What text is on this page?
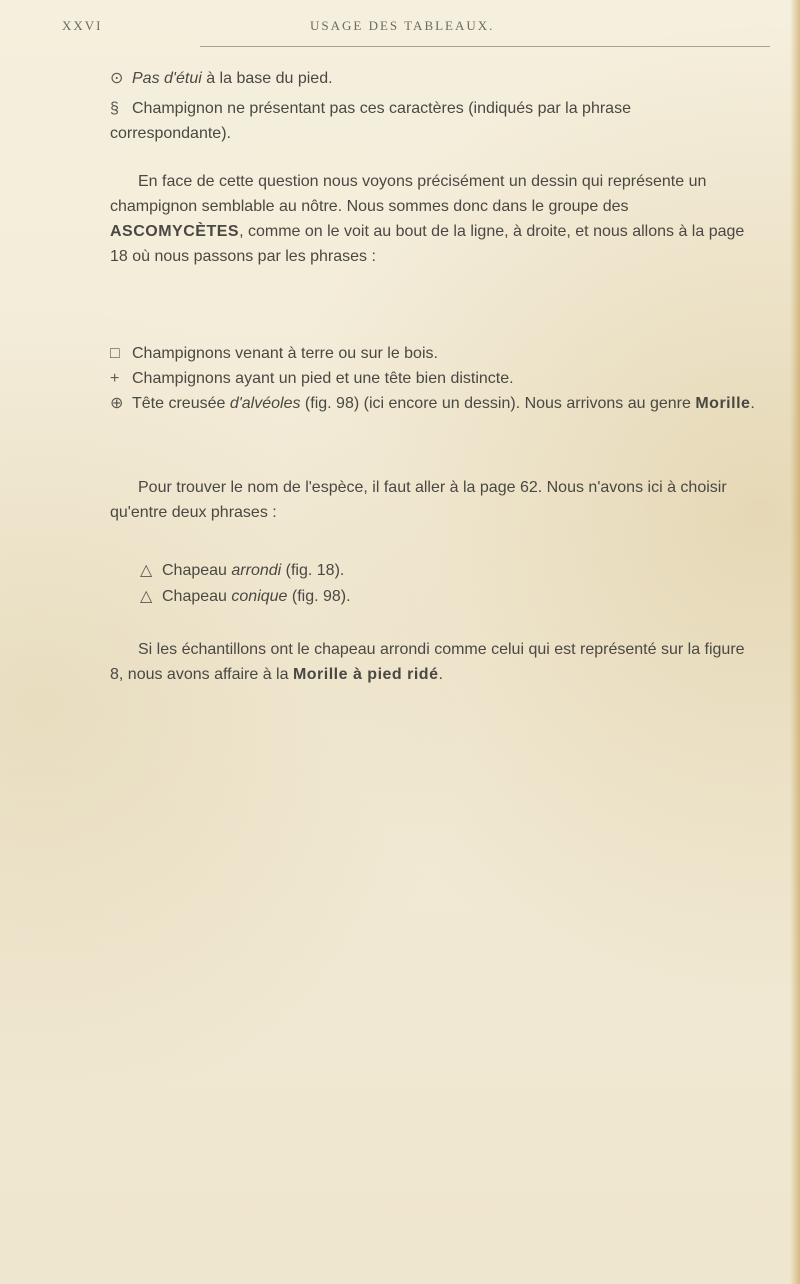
XXVI	USAGE DES TABLEAUX.

⊙ Pas d'étui à la base du pied.

§ Champignon ne présentant pas ces caractères (indiqués par la phrase correspondante).

En face de cette question nous voyons précisément un dessin qui représente un champignon semblable au nôtre. Nous sommes donc dans le groupe des ASCOMYCÈTES, comme on le voit au bout de la ligne, à droite, et nous allons à la page 18 où nous passons par les phrases :

□ Champignons venant à terre ou sur le bois.

+ Champignons ayant un pied et une tête bien distincte.

⊕ Tête creusée d'alvéoles (fig. 98) (ici encore un dessin). Nous arrivons au genre Morille.

Pour trouver le nom de l'espèce, il faut aller à la page 62. Nous n'avons ici à choisir qu'entre deux phrases :

△ Chapeau arrondi (fig. 18).

△ Chapeau conique (fig. 98).

Si les échantillons ont le chapeau arrondi comme celui qui est représenté sur la figure 8, nous avons affaire à la Morille à pied ridé.
